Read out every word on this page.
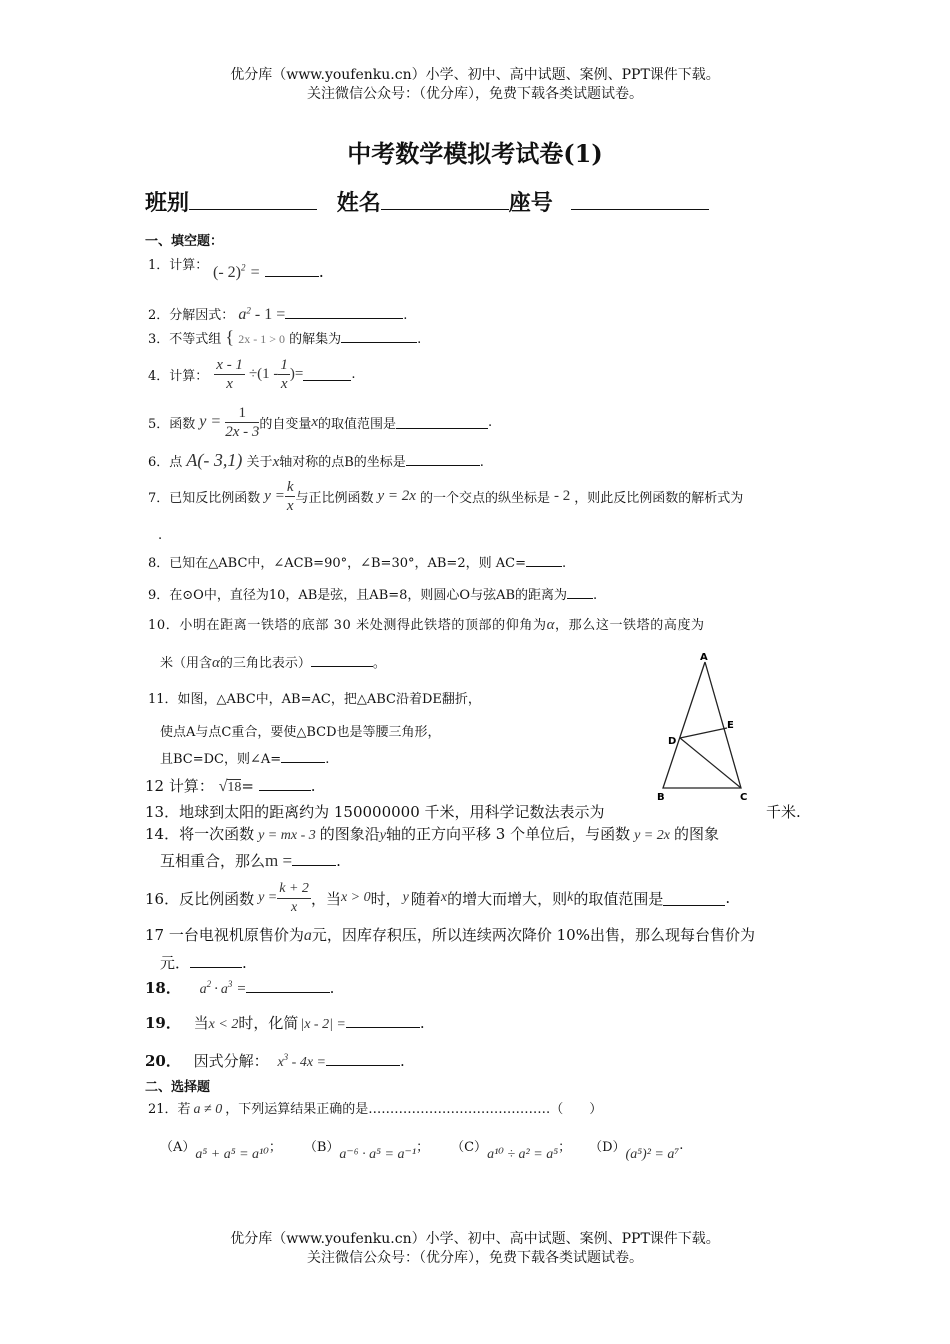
优分库（www.youfenku.cn）小学、初中、高中试题、案例、PPT课件下载。
关注微信公众号：（优分库），免费下载各类试题试卷。
中考数学模拟考试卷(1)
班别	姓名	座号
一、填空题：
1．计算： (- 2)$^2$ =	.
2．分解因式： $a^2 - 1$ =	.
3．不等式组 { 2x - 1 > 0 的解集为	.
4．计算： $\frac{x - 1}{x} \div(1 - \frac{1}{x}$ )=	.
5．函数 $y = \frac{1}{2x - 3}$ 的自变量 x 的取值范围是	.
6．点 A(- 3,1) 关于x轴对称的点B的坐标是	.
7．已知反比例函数 $y = \frac{k}{x}$ 与正比例函数 y = 2x 的一个交点的纵坐标是 - 2 ，则此反比例函数的解析式为
.
8．已知在△ABC中，∠ACB=90°，∠B=30°，AB=2，则 AC=	.
9．在⊙O中，直径为10，AB是弦，且AB=8，则圆心O与弦AB的距离为 .
10．小明在距离一铁塔的底部 30 米处测得此铁塔的顶部的仰角为α，那么这一铁塔的高度为
米（用含α的三角比表示）	。
11．如图，△ABC中，AB=AC，把△ABC沿着DE翻折，
使点A与点C重合，要使△BCD也是等腰三角形，
且BC=DC，则∠A=	.
A
B	C
D
E
12 计算： √18=	.
13．地球到太阳的距离约为 150000000 千米，用科学记数法表示为	千米.
14．将一次函数 y = mx - 3 的图象沿y轴的正方向平移 3 个单位后，与函数 y = 2x 的图象
互相重合，那么m =	.
16．反比例函数 $y = \frac{k + 2}{x}$ ，当 x > 0 时， y 随着 x 的增大而增大，则 k 的取值范围是	.
17 一台电视机原售价为a元，因库存积压，所以连续两次降价 10%出售，那么现每台售价为
元．	.
18． $a^2 \cdot a^3$ =	.
19． 当x < 2时，化简 |x - 2| =	.
20． 因式分解： $x^3 - 4x$ =	.
二、选择题
21．若 a ≠ 0 ，下列运算结果正确的是……………………………………（　　）
（A） a⁵ + a⁵ = a¹⁰ ； （B） a⁻⁶ · a⁵ = a⁻¹ ； （C） a¹⁰ ÷ a² = a⁵ ； （D） (a⁵)² = a⁷
.
优分库（www.youfenku.cn）小学、初中、高中试题、案例、PPT课件下载。
关注微信公众号：（优分库），免费下载各类试题试卷。
